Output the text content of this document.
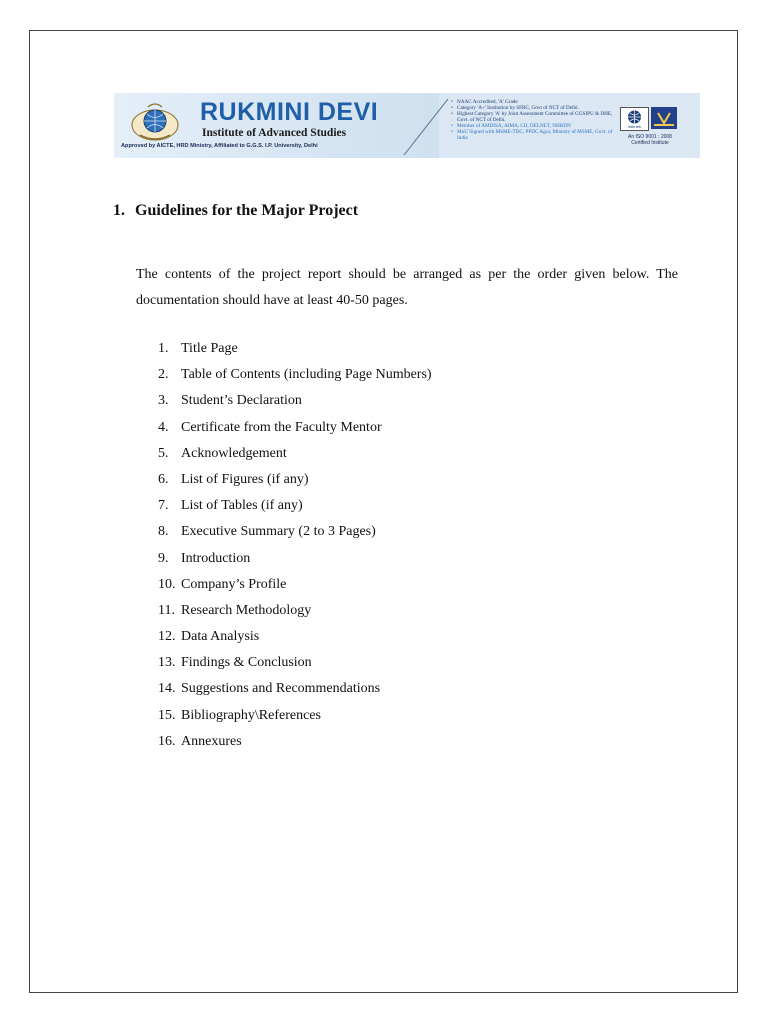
RUKMINI DEVI
Institute of Advanced Studies
Approved by AICTE, HRD Ministry, Affiliated to G.G.S. I.P. University, Delhi
• NAAC Accredited, 'A' Grade
• Category 'A+' Institution by SFRC, Govt of NCT of Delhi.
• Highest Category 'A' by Joint Assessment Committee of GGSIPU & DHE, Govt. of NCT of Delhi.
• Member of AMDISA, AIMA, CII, DELNET, NHRDN
• MoU Signed with MSME-TDC, PPDC Agra, Ministry of MSME, Govt. of India
intertek
An ISO 9001 : 2008 Certified Institute
1. Guidelines for the Major Project

The contents of the project report should be arranged as per the order given below. The documentation should have at least 40-50 pages.

1. Title Page
2. Table of Contents (including Page Numbers)
3. Student’s Declaration
4. Certificate from the Faculty Mentor
5. Acknowledgement
6. List of Figures (if any)
7. List of Tables (if any)
8. Executive Summary (2 to 3 Pages)
9. Introduction
10. Company’s Profile
11. Research Methodology
12. Data Analysis
13. Findings & Conclusion
14. Suggestions and Recommendations
15. Bibliography\References
16. Annexures
